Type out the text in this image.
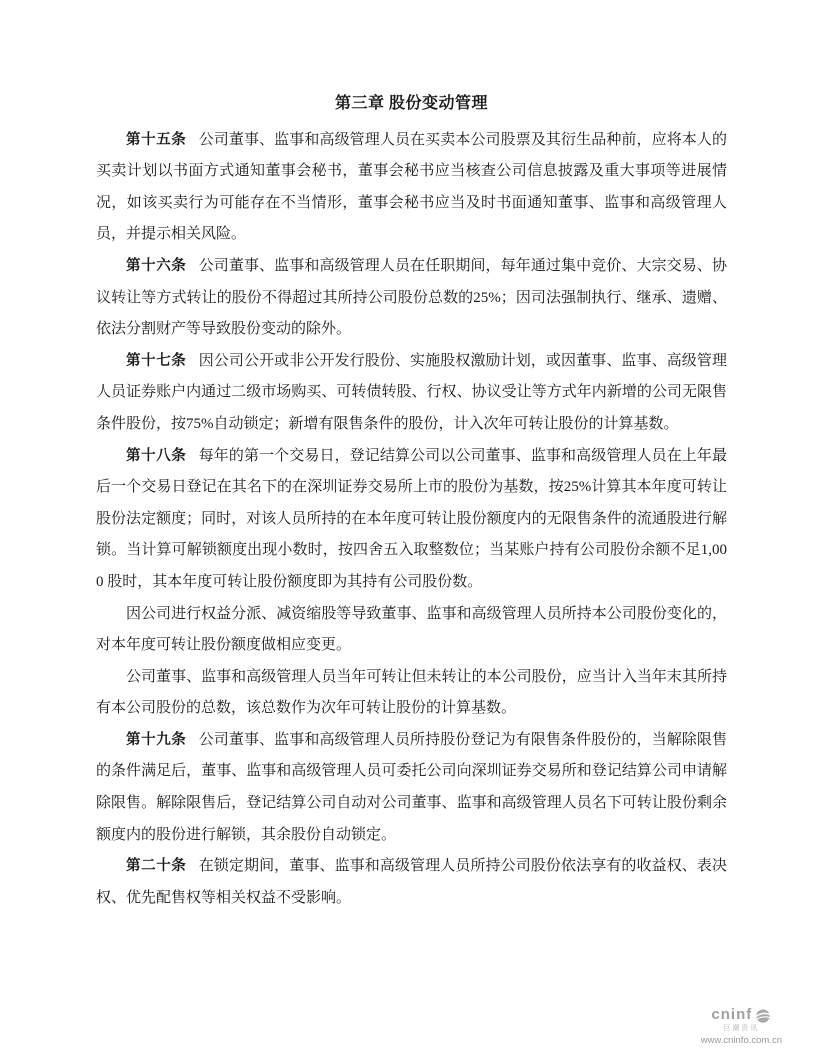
第三章 股份变动管理

第十五条 公司董事、监事和高级管理人员在买卖本公司股票及其衍生品种前，应将本人的买卖计划以书面方式通知董事会秘书，董事会秘书应当核查公司信息披露及重大事项等进展情况，如该买卖行为可能存在不当情形，董事会秘书应当及时书面通知董事、监事和高级管理人员，并提示相关风险。

第十六条 公司董事、监事和高级管理人员在任职期间，每年通过集中竞价、大宗交易、协议转让等方式转让的股份不得超过其所持公司股份总数的25%；因司法强制执行、继承、遗赠、依法分割财产等导致股份变动的除外。

第十七条 因公司公开或非公开发行股份、实施股权激励计划，或因董事、监事、高级管理人员证券账户内通过二级市场购买、可转债转股、行权、协议受让等方式年内新增的公司无限售条件股份，按75%自动锁定；新增有限售条件的股份，计入次年可转让股份的计算基数。

第十八条 每年的第一个交易日，登记结算公司以公司董事、监事和高级管理人员在上年最后一个交易日登记在其名下的在深圳证券交易所上市的股份为基数，按25%计算其本年度可转让股份法定额度；同时，对该人员所持的在本年度可转让股份额度内的无限售条件的流通股进行解锁。当计算可解锁额度出现小数时，按四舍五入取整数位；当某账户持有公司股份余额不足1,000 股时，其本年度可转让股份额度即为其持有公司股份数。

因公司进行权益分派、减资缩股等导致董事、监事和高级管理人员所持本公司股份变化的，对本年度可转让股份额度做相应变更。

公司董事、监事和高级管理人员当年可转让但未转让的本公司股份，应当计入当年末其所持有本公司股份的总数，该总数作为次年可转让股份的计算基数。

第十九条 公司董事、监事和高级管理人员所持股份登记为有限售条件股份的，当解除限售的条件满足后，董事、监事和高级管理人员可委托公司向深圳证券交易所和登记结算公司申请解除限售。解除限售后，登记结算公司自动对公司董事、监事和高级管理人员名下可转让股份剩余额度内的股份进行解锁，其余股份自动锁定。

第二十条 在锁定期间，董事、监事和高级管理人员所持公司股份依法享有的收益权、表决权、优先配售权等相关权益不受影响。

cninf
巨潮资讯
www.cninfo.com.cn
